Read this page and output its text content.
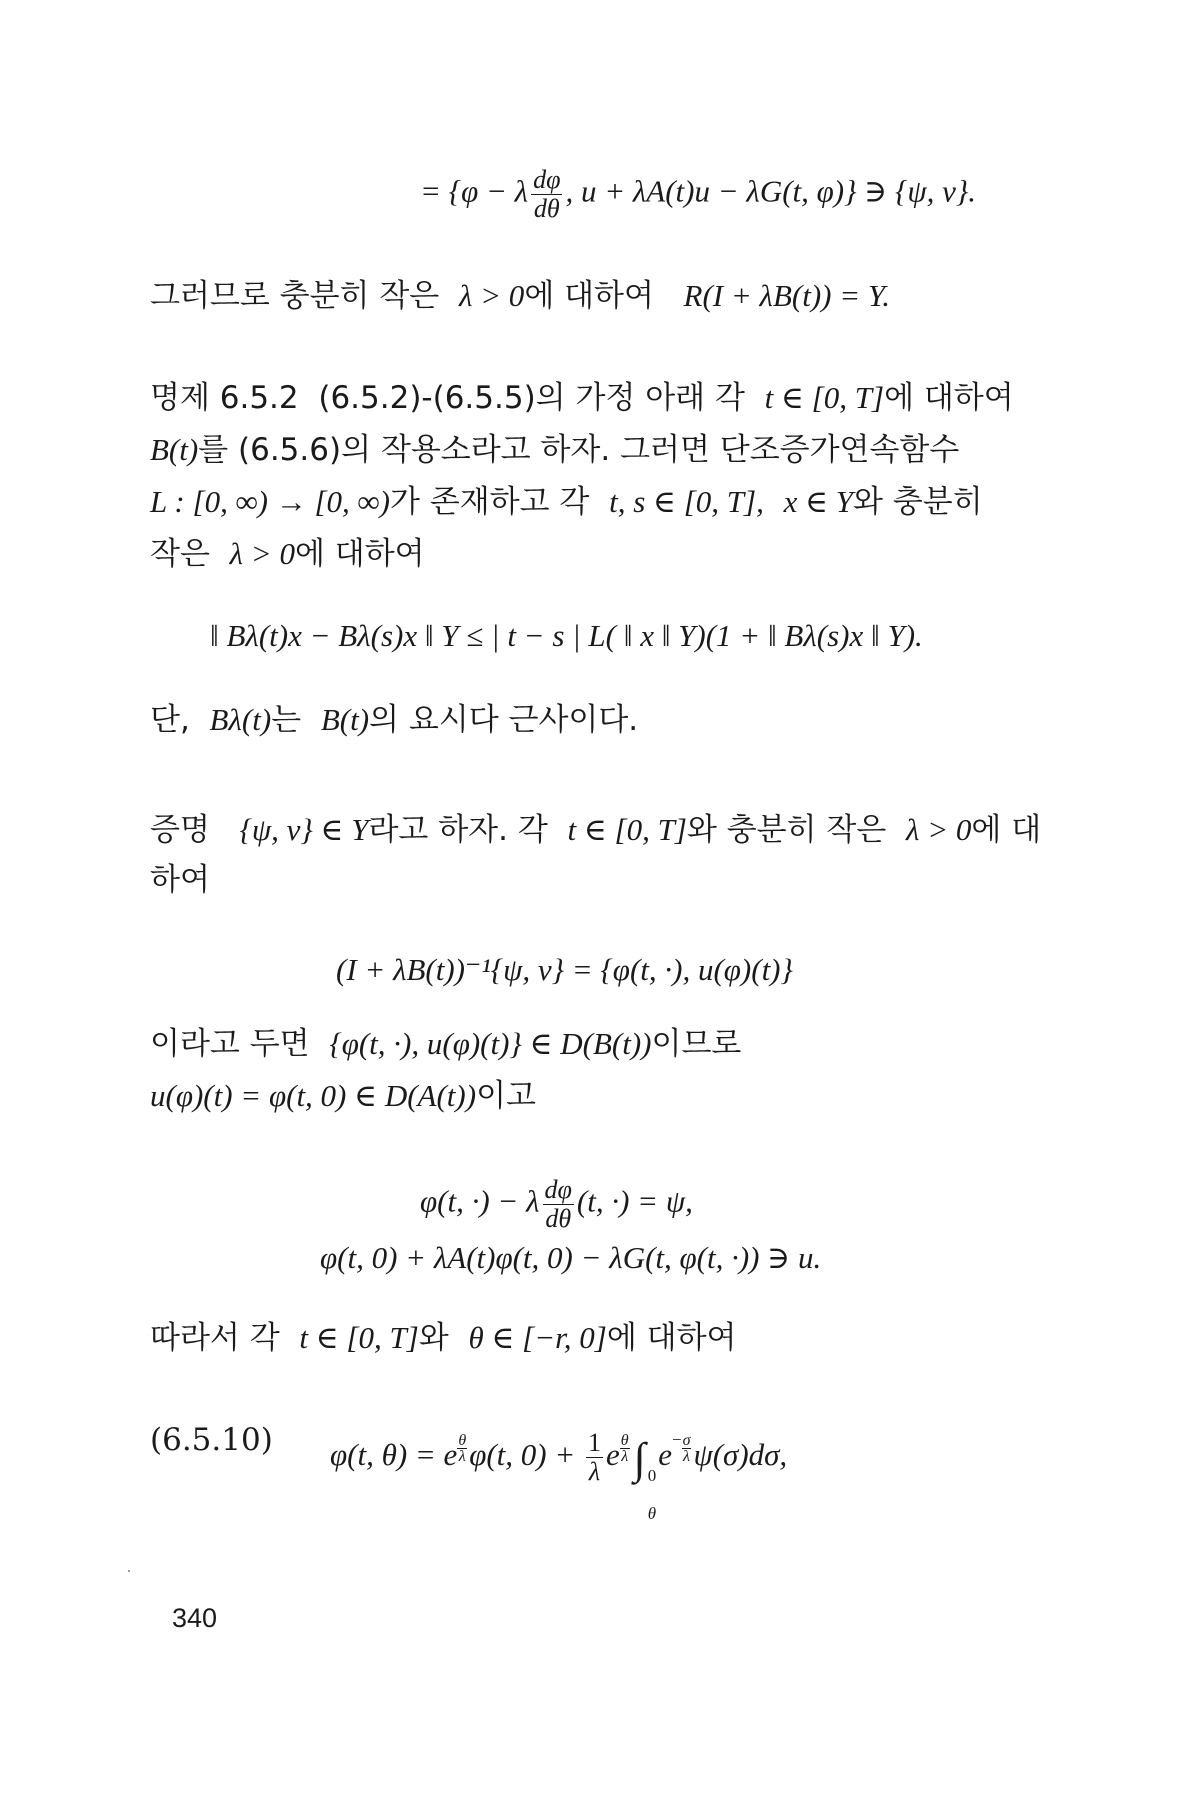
= {φ − λ $\frac{d\varphi}{d\theta}$ , u + λA(t)u − λG(t, φ)} ∋ {ψ, v}.
그러므로 충분히 작은 λ > 0에 대하여 R(I + λB(t)) = Y.
명제 6.5.2 (6.5.2)-(6.5.5)의 가정 아래 각 t ∈ [0, T]에 대하여
B(t)를 (6.5.6)의 작용소라고 하자. 그러면 단조증가연속함수
L : [0, ∞) → [0, ∞)가 존재하고 각 t, s ∈ [0, T], x ∈ Y와 충분히
작은 λ > 0에 대하여
‖ Bλ(t)x − Bλ(s)x ‖ Y ≤ | t − s | L( ‖ x ‖ Y)(1 + ‖ Bλ(s)x ‖ Y).
단, Bλ(t)는 B(t)의 요시다 근사이다.
증명 {ψ, v} ∈ Y라고 하자. 각 t ∈ [0, T]와 충분히 작은 λ > 0에 대
하여
(I + λB(t))⁻¹{ψ, v} = {φ(t, ·), u(φ)(t)}
이라고 두면 {φ(t, ·), u(φ)(t)} ∈ D(B(t))이므로
u(φ)(t) = φ(t, 0) ∈ D(A(t))이고
φ(t, ·) − λ $\frac{d\varphi}{d\theta} (t$, ·) = ψ,
φ(t, 0) + λA(t)φ(t, 0) − λG(t, φ(t, ·)) ∋ u.
따라서 각 t ∈ [0, T]와 θ ∈ [−r, 0]에 대하여
(6.5.10) φ(t, θ) = e $\frac{\theta}{\lambda} \varphi(t$, $0) + \frac{1}{\lambda}$ e $\frac{\theta}{\lambda}$ ∫ 0
θ
$e^- \frac{\sigma}{\lambda} \psi(\sigma)d\sigma$,
340
